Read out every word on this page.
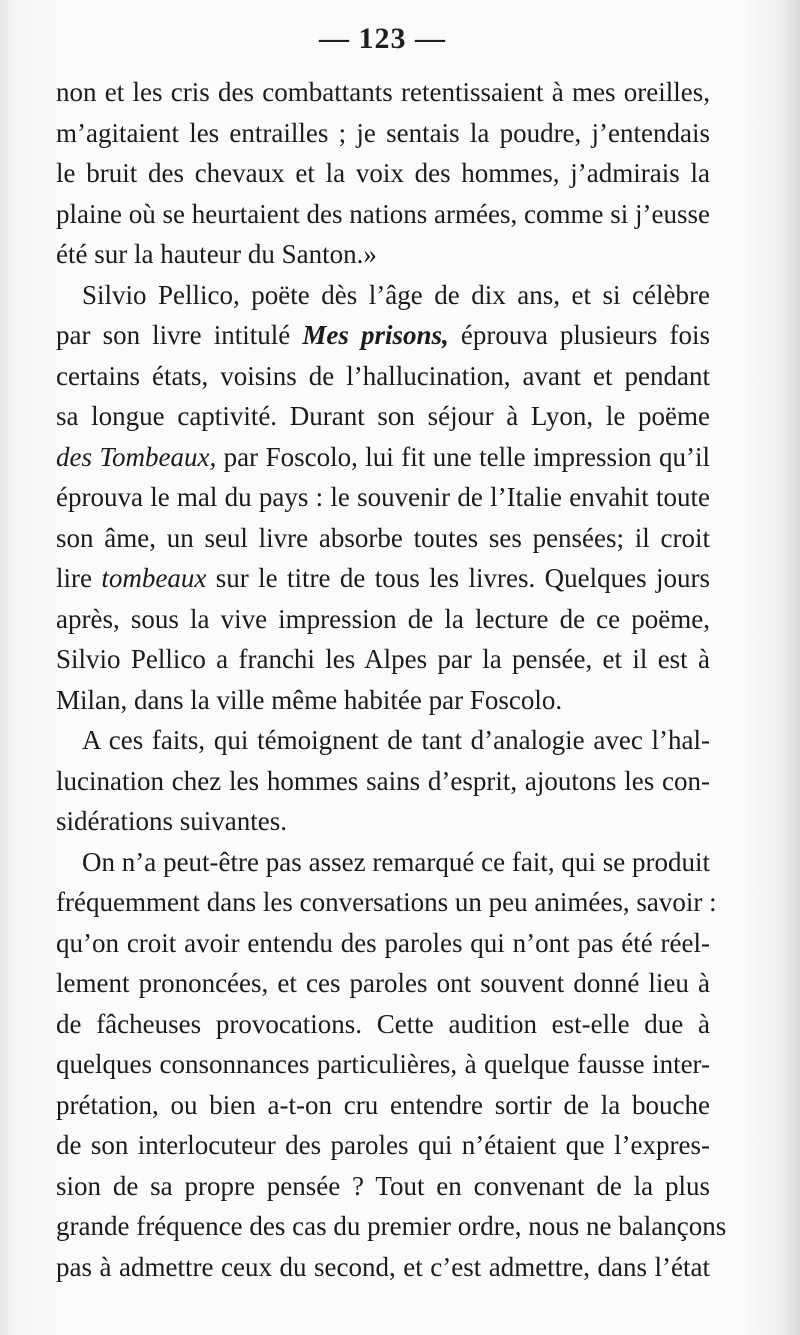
— 123 —
non et les cris des combattants retentissaient à mes oreilles,
m’agitaient les entrailles ; je sentais la poudre, j’entendais
le bruit des chevaux et la voix des hommes, j’admirais la
plaine où se heurtaient des nations armées, comme si j’eusse
été sur la hauteur du Santon.»
Silvio Pellico, poëte dès l’âge de dix ans, et si célèbre
par son livre intitulé Mes prisons, éprouva plusieurs fois
certains états, voisins de l’hallucination, avant et pendant
sa longue captivité. Durant son séjour à Lyon, le poëme
des Tombeaux, par Foscolo, lui fit une telle impression qu’il
éprouva le mal du pays : le souvenir de l’Italie envahit toute
son âme, un seul livre absorbe toutes ses pensées; il croit
lire tombeaux sur le titre de tous les livres. Quelques jours
après, sous la vive impression de la lecture de ce poëme,
Silvio Pellico a franchi les Alpes par la pensée, et il est à
Milan, dans la ville même habitée par Foscolo.
A ces faits, qui témoignent de tant d’analogie avec l’hal-
lucination chez les hommes sains d’esprit, ajoutons les con-
sidérations suivantes.
On n’a peut-être pas assez remarqué ce fait, qui se produit
fréquemment dans les conversations un peu animées, savoir :
qu’on croit avoir entendu des paroles qui n’ont pas été réel-
lement prononcées, et ces paroles ont souvent donné lieu à
de fâcheuses provocations. Cette audition est-elle due à
quelques consonnances particulières, à quelque fausse inter-
prétation, ou bien a-t-on cru entendre sortir de la bouche
de son interlocuteur des paroles qui n’étaient que l’expres-
sion de sa propre pensée ? Tout en convenant de la plus
grande fréquence des cas du premier ordre, nous ne balançons
pas à admettre ceux du second, et c’est admettre, dans l’état
